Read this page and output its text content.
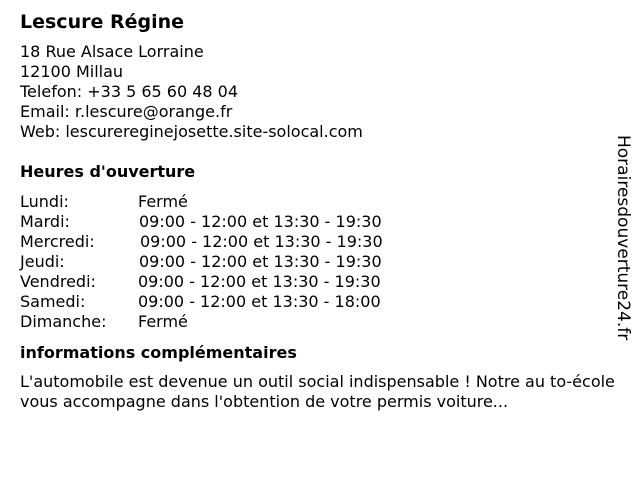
Lescure Régine
18 Rue Alsace Lorraine
12100 Millau
Telefon: +33 5 65 60 48 04
Email: r.lescure@orange.fr
Web: lescurereginejosette.site-solocal.com
Heures d'ouverture
Lundi:	Fermé
Mardi:	09:00 - 12:00 et 13:30 - 19:30
Mercredi:	09:00 - 12:00 et 13:30 - 19:30
Jeudi:	09:00 - 12:00 et 13:30 - 19:30
Vendredi:	09:00 - 12:00 et 13:30 - 19:30
Samedi:	09:00 - 12:00 et 13:30 - 18:00
Dimanche:	Fermé
informations complémentaires
L'automobile est devenue un outil social indispensable ! Notre au to-école vous accompagne dans l'obtention de votre permis voiture...
Horairesdouverture24.fr
